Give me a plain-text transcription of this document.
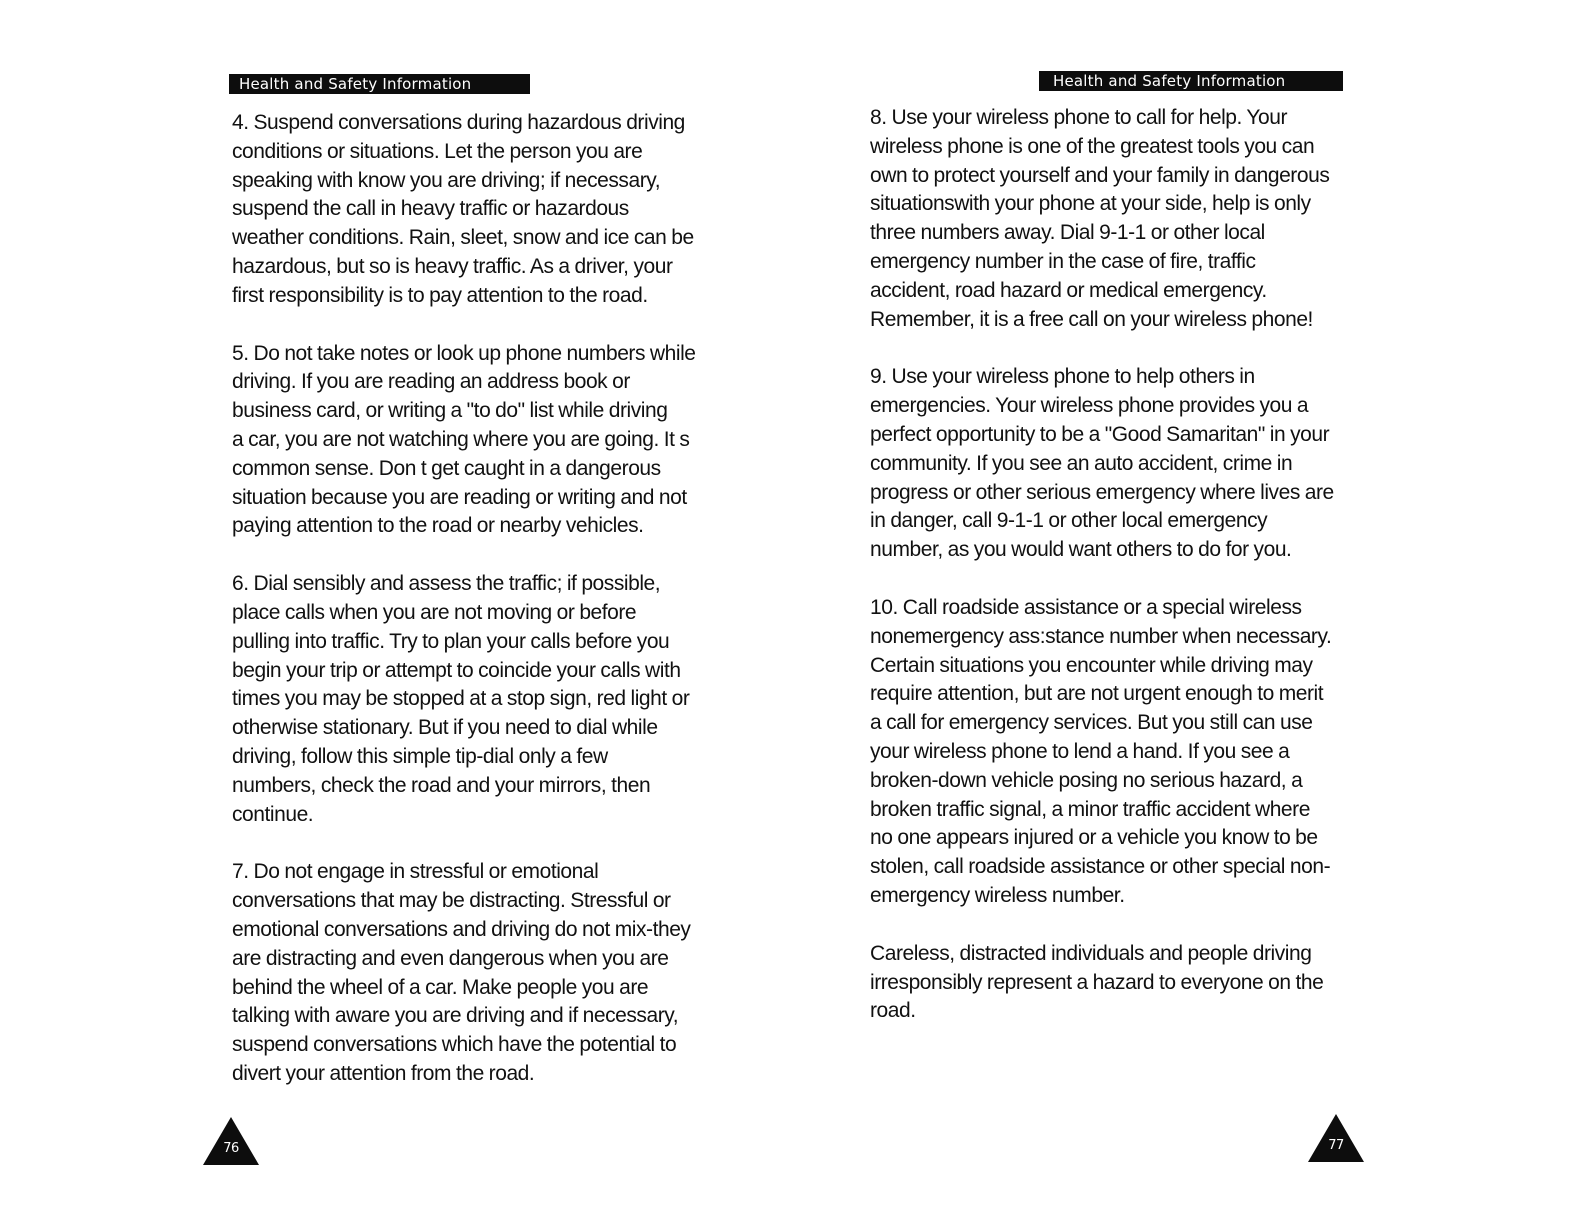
Health and Safety Information

4. Suspend conversations during hazardous driving
conditions or situations. Let the person you are
speaking with know you are driving; if necessary,
suspend the call in heavy traffic or hazardous
weather conditions. Rain, sleet, snow and ice can be
hazardous, but so is heavy traffic. As a driver, your
first responsibility is to pay attention to the road.

5. Do not take notes or look up phone numbers while
driving. If you are reading an address book or
business card, or writing a "to do" list while driving
a car, you are not watching where you are going. It s
common sense. Don t get caught in a dangerous
situation because you are reading or writing and not
paying attention to the road or nearby vehicles.

6. Dial sensibly and assess the traffic; if possible,
place calls when you are not moving or before
pulling into traffic. Try to plan your calls before you
begin your trip or attempt to coincide your calls with
times you may be stopped at a stop sign, red light or
otherwise stationary. But if you need to dial while
driving, follow this simple tip-dial only a few
numbers, check the road and your mirrors, then
continue.

7. Do not engage in stressful or emotional
conversations that may be distracting. Stressful or
emotional conversations and driving do not mix-they
are distracting and even dangerous when you are
behind the wheel of a car. Make people you are
talking with aware you are driving and if necessary,
suspend conversations which have the potential to
divert your attention from the road.

76
Health and Safety Information

8. Use your wireless phone to call for help. Your
wireless phone is one of the greatest tools you can
own to protect yourself and your family in dangerous
situationswith your phone at your side, help is only
three numbers away. Dial 9-1-1 or other local
emergency number in the case of fire, traffic
accident, road hazard or medical emergency.
Remember, it is a free call on your wireless phone!

9. Use your wireless phone to help others in
emergencies. Your wireless phone provides you a
perfect opportunity to be a "Good Samaritan" in your
community. If you see an auto accident, crime in
progress or other serious emergency where lives are
in danger, call 9-1-1 or other local emergency
number, as you would want others to do for you.

10. Call roadside assistance or a special wireless
nonemergency ass:stance number when necessary.
Certain situations you encounter while driving may
require attention, but are not urgent enough to merit
a call for emergency services. But you still can use
your wireless phone to lend a hand. If you see a
broken-down vehicle posing no serious hazard, a
broken traffic signal, a minor traffic accident where
no one appears injured or a vehicle you know to be
stolen, call roadside assistance or other special non-
emergency wireless number.

Careless, distracted individuals and people driving
irresponsibly represent a hazard to everyone on the
road.

77
